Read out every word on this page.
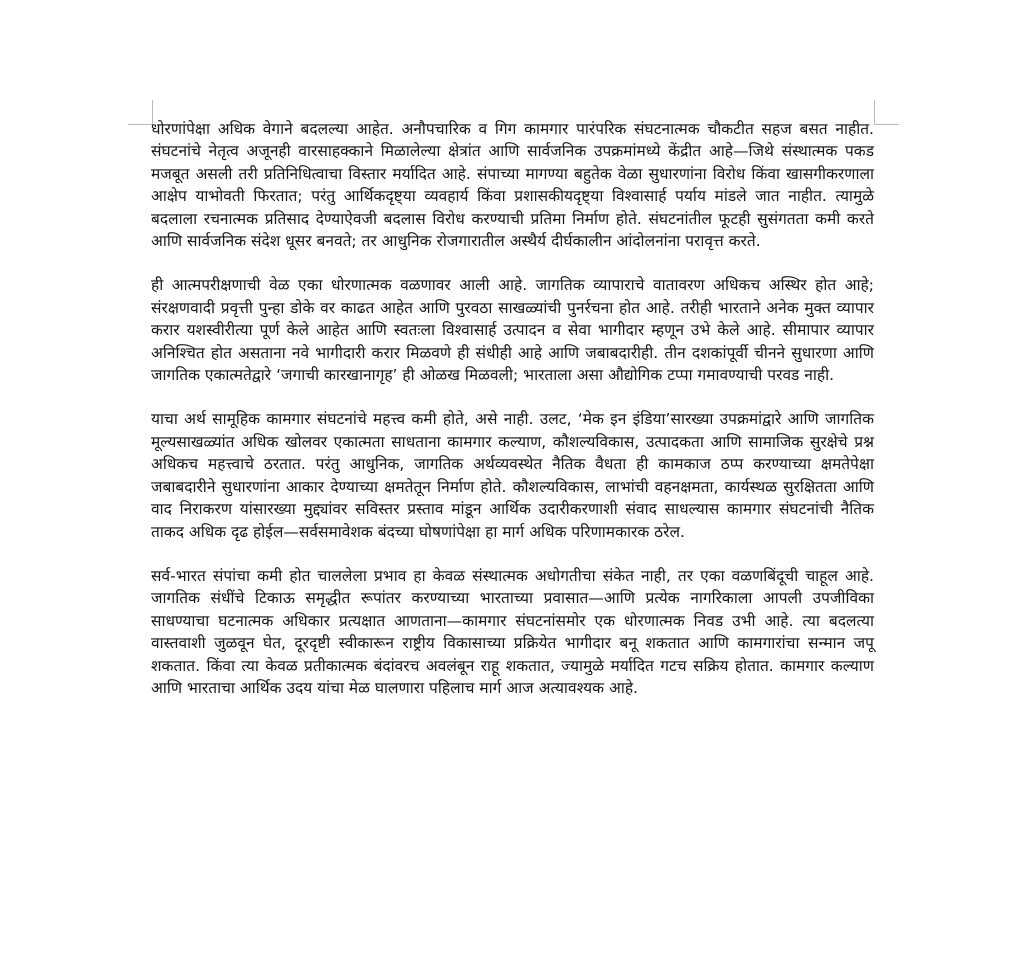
धोरणांपेक्षा अधिक वेगाने बदलल्या आहेत. अनौपचारिक व गिग कामगार पारंपरिक संघटनात्मक चौकटीत सहज बसत नाहीत. संघटनांचे नेतृत्व अजूनही वारसाहक्काने मिळालेल्या क्षेत्रांत आणि सार्वजनिक उपक्रमांमध्ये केंद्रीत आहे—जिथे संस्थात्मक पकड मजबूत असली तरी प्रतिनिधित्वाचा विस्तार मर्यादित आहे. संपाच्या मागण्या बहुतेक वेळा सुधारणांना विरोध किंवा खासगीकरणाला आक्षेप याभोवती फिरतात; परंतु आर्थिकदृष्ट्या व्यवहार्य किंवा प्रशासकीयदृष्ट्या विश्वासार्ह पर्याय मांडले जात नाहीत. त्यामुळे बदलाला रचनात्मक प्रतिसाद देण्याऐवजी बदलास विरोध करण्याची प्रतिमा निर्माण होते. संघटनांतील फूटही सुसंगतता कमी करते आणि सार्वजनिक संदेश धूसर बनवते; तर आधुनिक रोजगारातील अस्थैर्य दीर्घकालीन आंदोलनांना परावृत्त करते.

ही आत्मपरीक्षणाची वेळ एका धोरणात्मक वळणावर आली आहे. जागतिक व्यापाराचे वातावरण अधिकच अस्थिर होत आहे; संरक्षणवादी प्रवृत्ती पुन्हा डोके वर काढत आहेत आणि पुरवठा साखळ्यांची पुनर्रचना होत आहे. तरीही भारताने अनेक मुक्त व्यापार करार यशस्वीरीत्या पूर्ण केले आहेत आणि स्वतःला विश्वासार्ह उत्पादन व सेवा भागीदार म्हणून उभे केले आहे. सीमापार व्यापार अनिश्चित होत असताना नवे भागीदारी करार मिळवणे ही संधीही आहे आणि जबाबदारीही. तीन दशकांपूर्वी चीनने सुधारणा आणि जागतिक एकात्मतेद्वारे ‘जगाची कारखानागृह’ ही ओळख मिळवली; भारताला असा औद्योगिक टप्पा गमावण्याची परवड नाही.

याचा अर्थ सामूहिक कामगार संघटनांचे महत्त्व कमी होते, असे नाही. उलट, ‘मेक इन इंडिया’सारख्या उपक्रमांद्वारे आणि जागतिक मूल्यसाखळ्यांत अधिक खोलवर एकात्मता साधताना कामगार कल्याण, कौशल्यविकास, उत्पादकता आणि सामाजिक सुरक्षेचे प्रश्न अधिकच महत्त्वाचे ठरतात. परंतु आधुनिक, जागतिक अर्थव्यवस्थेत नैतिक वैधता ही कामकाज ठप्प करण्याच्या क्षमतेपेक्षा जबाबदारीने सुधारणांना आकार देण्याच्या क्षमतेतून निर्माण होते. कौशल्यविकास, लाभांची वहनक्षमता, कार्यस्थळ सुरक्षितता आणि वाद निराकरण यांसारख्या मुद्द्यांवर सविस्तर प्रस्ताव मांडून आर्थिक उदारीकरणाशी संवाद साधल्यास कामगार संघटनांची नैतिक ताकद अधिक दृढ होईल—सर्वसमावेशक बंदच्या घोषणांपेक्षा हा मार्ग अधिक परिणामकारक ठरेल.

सर्व-भारत संपांचा कमी होत चाललेला प्रभाव हा केवळ संस्थात्मक अधोगतीचा संकेत नाही, तर एका वळणबिंदूची चाहूल आहे. जागतिक संधींचे टिकाऊ समृद्धीत रूपांतर करण्याच्या भारताच्या प्रवासात—आणि प्रत्येक नागरिकाला आपली उपजीविका साधण्याचा घटनात्मक अधिकार प्रत्यक्षात आणताना—कामगार संघटनांसमोर एक धोरणात्मक निवड उभी आहे. त्या बदलत्या वास्तवाशी जुळवून घेत, दूरदृष्टी स्वीकारून राष्ट्रीय विकासाच्या प्रक्रियेत भागीदार बनू शकतात आणि कामगारांचा सन्मान जपू शकतात. किंवा त्या केवळ प्रतीकात्मक बंदांवरच अवलंबून राहू शकतात, ज्यामुळे मर्यादित गटच सक्रिय होतात. कामगार कल्याण आणि भारताचा आर्थिक उदय यांचा मेळ घालणारा पहिलाच मार्ग आज अत्यावश्यक आहे.
